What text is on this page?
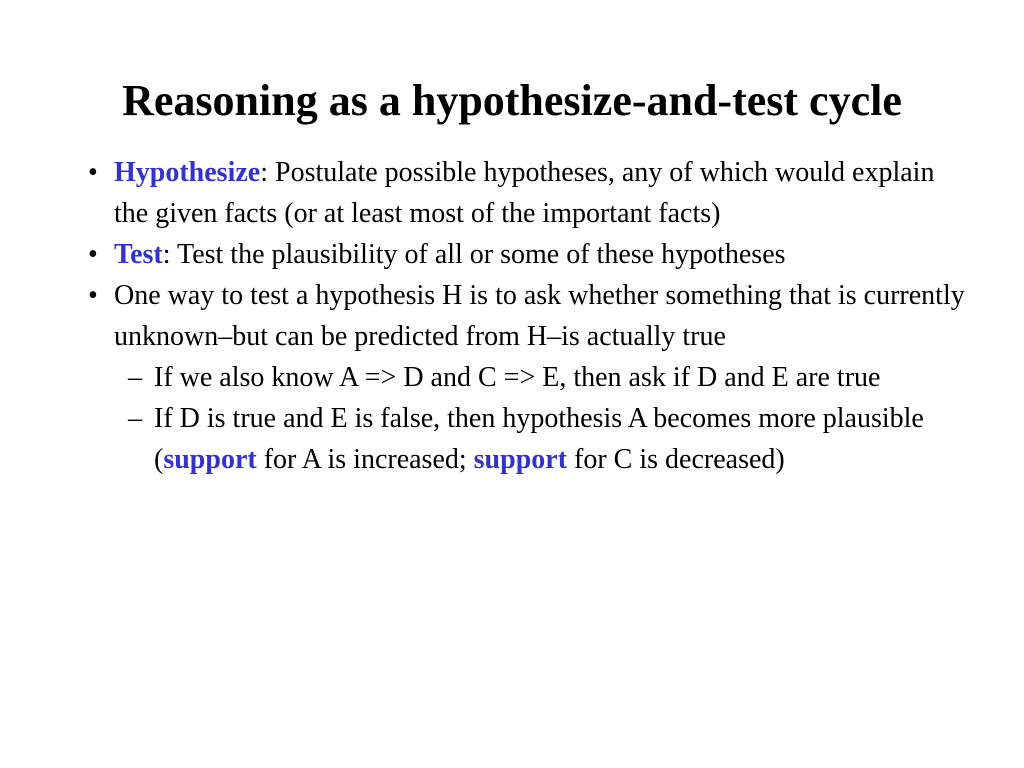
Reasoning as a hypothesize-and-test cycle
• Hypothesize: Postulate possible hypotheses, any of which would explain the given facts (or at least most of the important facts)
• Test: Test the plausibility of all or some of these hypotheses
• One way to test a hypothesis H is to ask whether something that is currently unknown–but can be predicted from H–is actually true
– If we also know A => D and C => E, then ask if D and E are true
– If D is true and E is false, then hypothesis A becomes more plausible (support for A is increased; support for C is decreased)
